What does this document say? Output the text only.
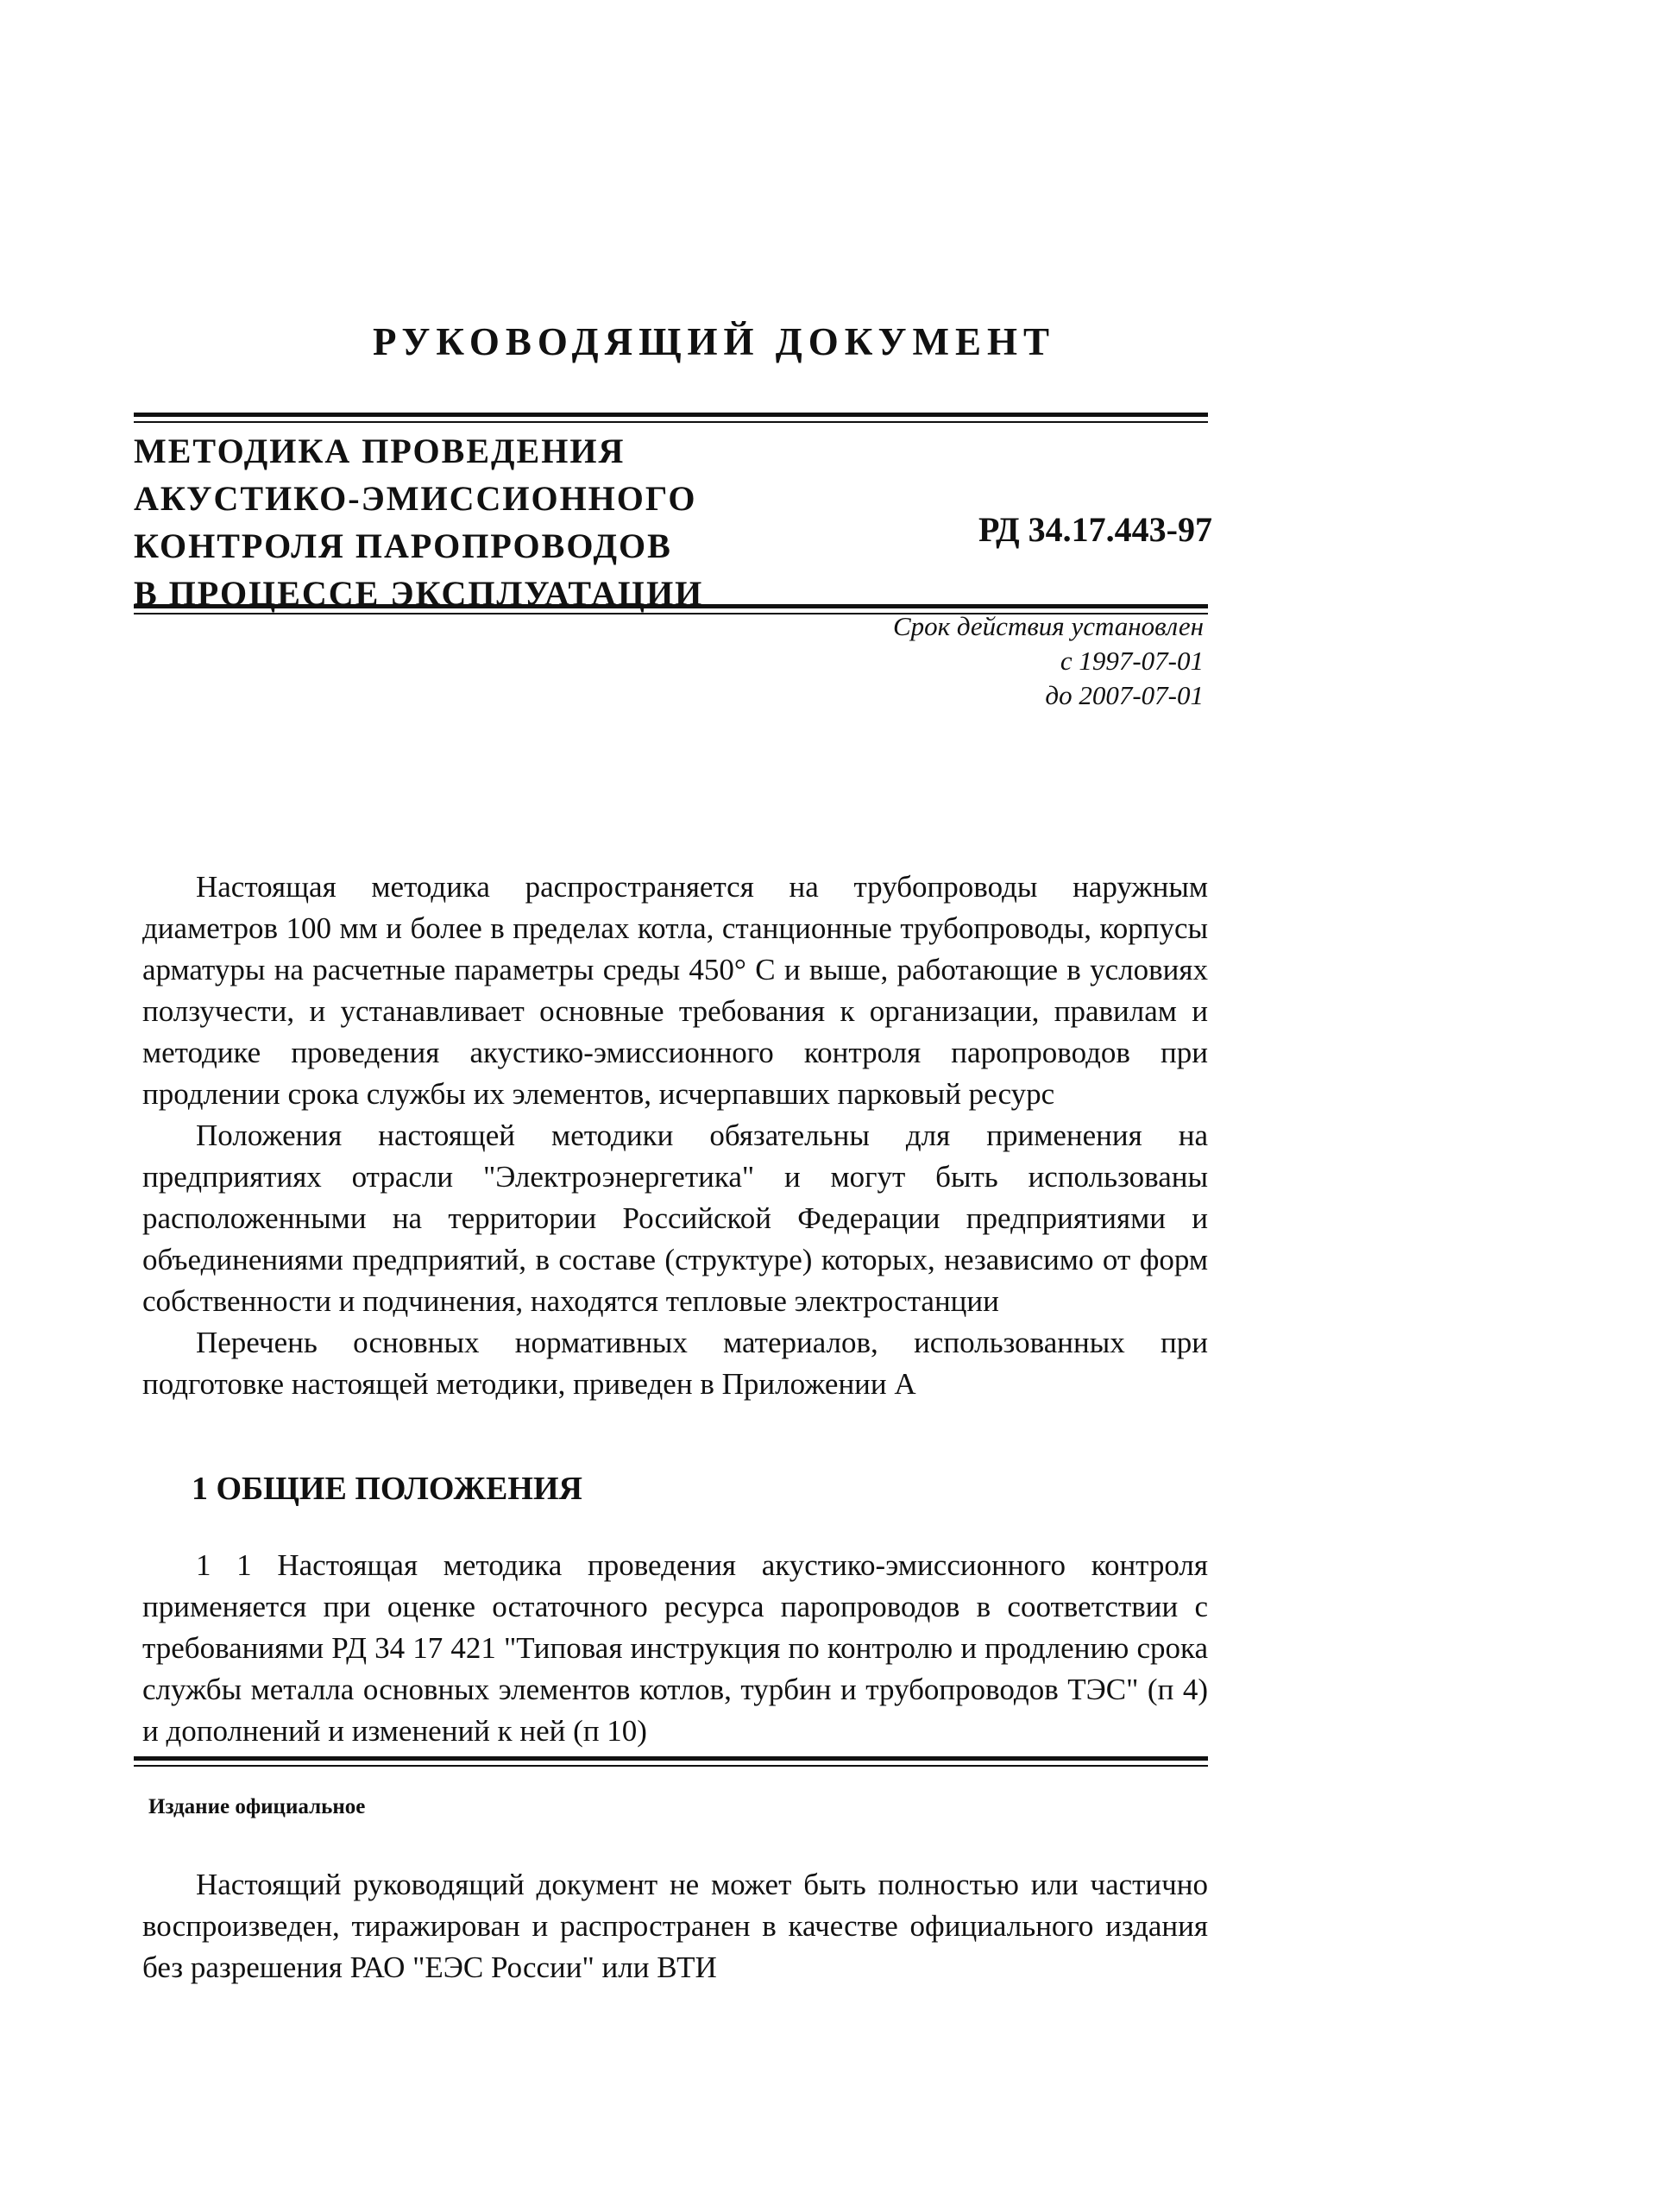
РУКОВОДЯЩИЙ ДОКУМЕНТ
МЕТОДИКА ПРОВЕДЕНИЯ
АКУСТИКО-ЭМИССИОННОГО
КОНТРОЛЯ ПАРОПРОВОДОВ
В ПРОЦЕССЕ ЭКСПЛУАТАЦИИ
РД 34.17.443-97
Срок действия установлен
с 1997-07-01
до 2007-07-01

Настоящая методика распространяется на трубопроводы наружным диаметров 100 мм и более в пределах котла, станционные трубопроводы, корпусы арматуры на расчетные параметры среды 450° С и выше, работающие в условиях ползучести, и устанавливает основные требования к организации, правилам и методике проведения акустико-эмиссионного контроля паропроводов при продлении срока службы их элементов, исчерпавших парковый ресурс

Положения настоящей методики обязательны для применения на предприятиях отрасли "Электроэнергетика" и могут быть использованы расположенными на территории Российской Федерации предприятиями и объединениями предприятий, в составе (структуре) которых, независимо от форм собственности и подчинения, находятся тепловые электростанции

Перечень основных нормативных материалов, использованных при подготовке настоящей методики, приведен в Приложении А

1 ОБЩИЕ ПОЛОЖЕНИЯ

1 1 Настоящая методика проведения акустико-эмиссионного контроля применяется при оценке остаточного ресурса паропроводов в соответствии с требованиями РД 34 17 421 "Типовая инструкция по контролю и продлению срока службы металла основных элементов котлов, турбин и трубопроводов ТЭС" (п 4) и дополнений и изменений к ней (п 10)

Издание официальное

Настоящий руководящий документ не может быть полностью или частично воспроизведен, тиражирован и распространен в качестве официального издания без разрешения РАО "ЕЭС России" или ВТИ
